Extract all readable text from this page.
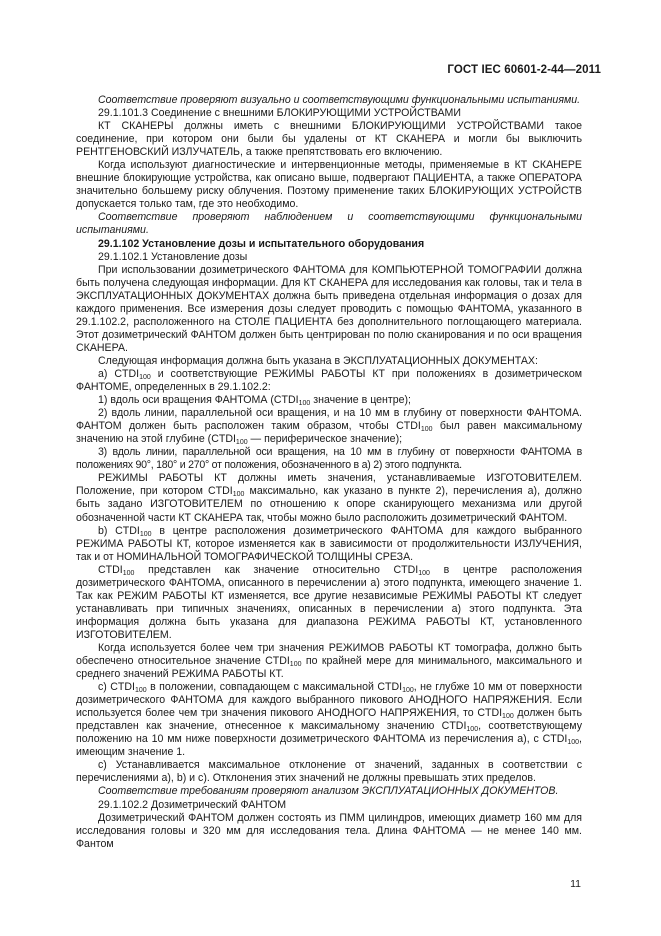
ГОСТ IEC 60601-2-44—2011

Соответствие проверяют визуально и соответствующими функциональными испытаниями.

29.1.101.3 Соединение с внешними БЛОКИРУЮЩИМИ УСТРОЙСТВАМИ

КТ СКАНЕРЫ должны иметь с внешними БЛОКИРУЮЩИМИ УСТРОЙСТВАМИ такое соединение, при котором они были бы удалены от КТ СКАНЕРА и могли бы выключить РЕНТГЕНОВСКИЙ ИЗЛУЧАТЕЛЬ, а также препятствовать его включению.

Когда используют диагностические и интервенционные методы, применяемые в КТ СКАНЕРЕ внешние блокирующие устройства, как описано выше, подвергают ПАЦИЕНТА, а также ОПЕРАТОРА значительно большему риску облучения. Поэтому применение таких БЛОКИРУЮЩИХ УСТРОЙСТВ допускается только там, где это необходимо.

Соответствие проверяют наблюдением и соответствующими функциональными испытаниями.

29.1.102 Установление дозы и испытательного оборудования

29.1.102.1 Установление дозы

При использовании дозиметрического ФАНТОМА для КОМПЬЮТЕРНОЙ ТОМОГРАФИИ должна быть получена следующая информации. Для КТ СКАНЕРА для исследования как головы, так и тела в ЭКСПЛУАТАЦИОННЫХ ДОКУМЕНТАХ должна быть приведена отдельная информация о дозах для каждого применения. Все измерения дозы следует проводить с помощью ФАНТОМА, указанного в 29.1.102.2, расположенного на СТОЛЕ ПАЦИЕНТА без дополнительного поглощающего материала. Этот дозиметрический ФАНТОМ должен быть центрирован по полю сканирования и по оси вращения СКАНЕРА.

Следующая информация должна быть указана в ЭКСПЛУАТАЦИОННЫХ ДОКУМЕНТАХ:

а) $CTDI_{100}$ и соответствующие РЕЖИМЫ РАБОТЫ КТ при положениях в дозиметрическом ФАНТОМЕ, определенных в 29.1.102.2:

1) вдоль оси вращения ФАНТОМА ($CTDI_{100}$ значение в центре);

2) вдоль линии, параллельной оси вращения, и на 10 мм в глубину от поверхности ФАНТОМА. ФАНТОМ должен быть расположен таким образом, чтобы $CTDI_{100}$ был равен максимальному значению на этой глубине ($CTDI_{100}$ — периферическое значение);

3) вдоль линии, параллельной оси вращения, на 10 мм в глубину от поверхности ФАНТОМА в положениях 90°, 180° и 270° от положения, обозначенного в а) 2) этого подпункта.

РЕЖИМЫ РАБОТЫ КТ должны иметь значения, устанавливаемые ИЗГОТОВИТЕЛЕМ. Положение, при котором $CTDI_{100}$ максимально, как указано в пункте 2), перечисления а), должно быть задано ИЗГОТОВИТЕЛЕМ по отношению к опоре сканирующего механизма или другой обозначенной части КТ СКАНЕРА так, чтобы можно было расположить дозиметрический ФАНТОМ.

b) $CTDI_{100}$ в центре расположения дозиметрического ФАНТОМА для каждого выбранного РЕЖИМА РАБОТЫ КТ, которое изменяется как в зависимости от продолжительности ИЗЛУЧЕНИЯ, так и от НОМИНАЛЬНОЙ ТОМОГРАФИЧЕСКОЙ ТОЛЩИНЫ СРЕЗА.

$CTDI_{100}$ представлен как значение относительно $CTDI_{100}$ в центре расположения дозиметрического ФАНТОМА, описанного в перечислении а) этого подпункта, имеющего значение 1. Так как РЕЖИМ РАБОТЫ КТ изменяется, все другие независимые РЕЖИМЫ РАБОТЫ КТ следует устанавливать при типичных значениях, описанных в перечислении а) этого подпункта. Эта информация должна быть указана для диапазона РЕЖИМА РАБОТЫ КТ, установленного ИЗГОТОВИТЕЛЕМ.

Когда используется более чем три значения РЕЖИМОВ РАБОТЫ КТ томографа, должно быть обеспечено относительное значение $CTDI_{100}$ по крайней мере для минимального, максимального и среднего значений РЕЖИМА РАБОТЫ КТ.

с) $CTDI_{100}$ в положении, совпадающем с максимальной $CTDI_{100}$, не глубже 10 мм от поверхности дозиметрического ФАНТОМА для каждого выбранного пикового АНОДНОГО НАПРЯЖЕНИЯ. Если используется более чем три значения пикового АНОДНОГО НАПРЯЖЕНИЯ, то $CTDI_{100}$ должен быть представлен как значение, отнесенное к максимальному значению $CTDI_{100}$, соответствующему положению на 10 мм ниже поверхности дозиметрического ФАНТОМА из перечисления а), с $CTDI_{100}$, имеющим значение 1.

с) Устанавливается максимальное отклонение от значений, заданных в соответствии с перечислениями а), b) и с). Отклонения этих значений не должны превышать этих пределов.

Соответствие требованиям проверяют анализом ЭКСПЛУАТАЦИОННЫХ ДОКУМЕНТОВ.

29.1.102.2 Дозиметрический ФАНТОМ

Дозиметрический ФАНТОМ должен состоять из ПММ цилиндров, имеющих диаметр 160 мм для исследования головы и 320 мм для исследования тела. Длина ФАНТОМА — не менее 140 мм. Фантом

11
